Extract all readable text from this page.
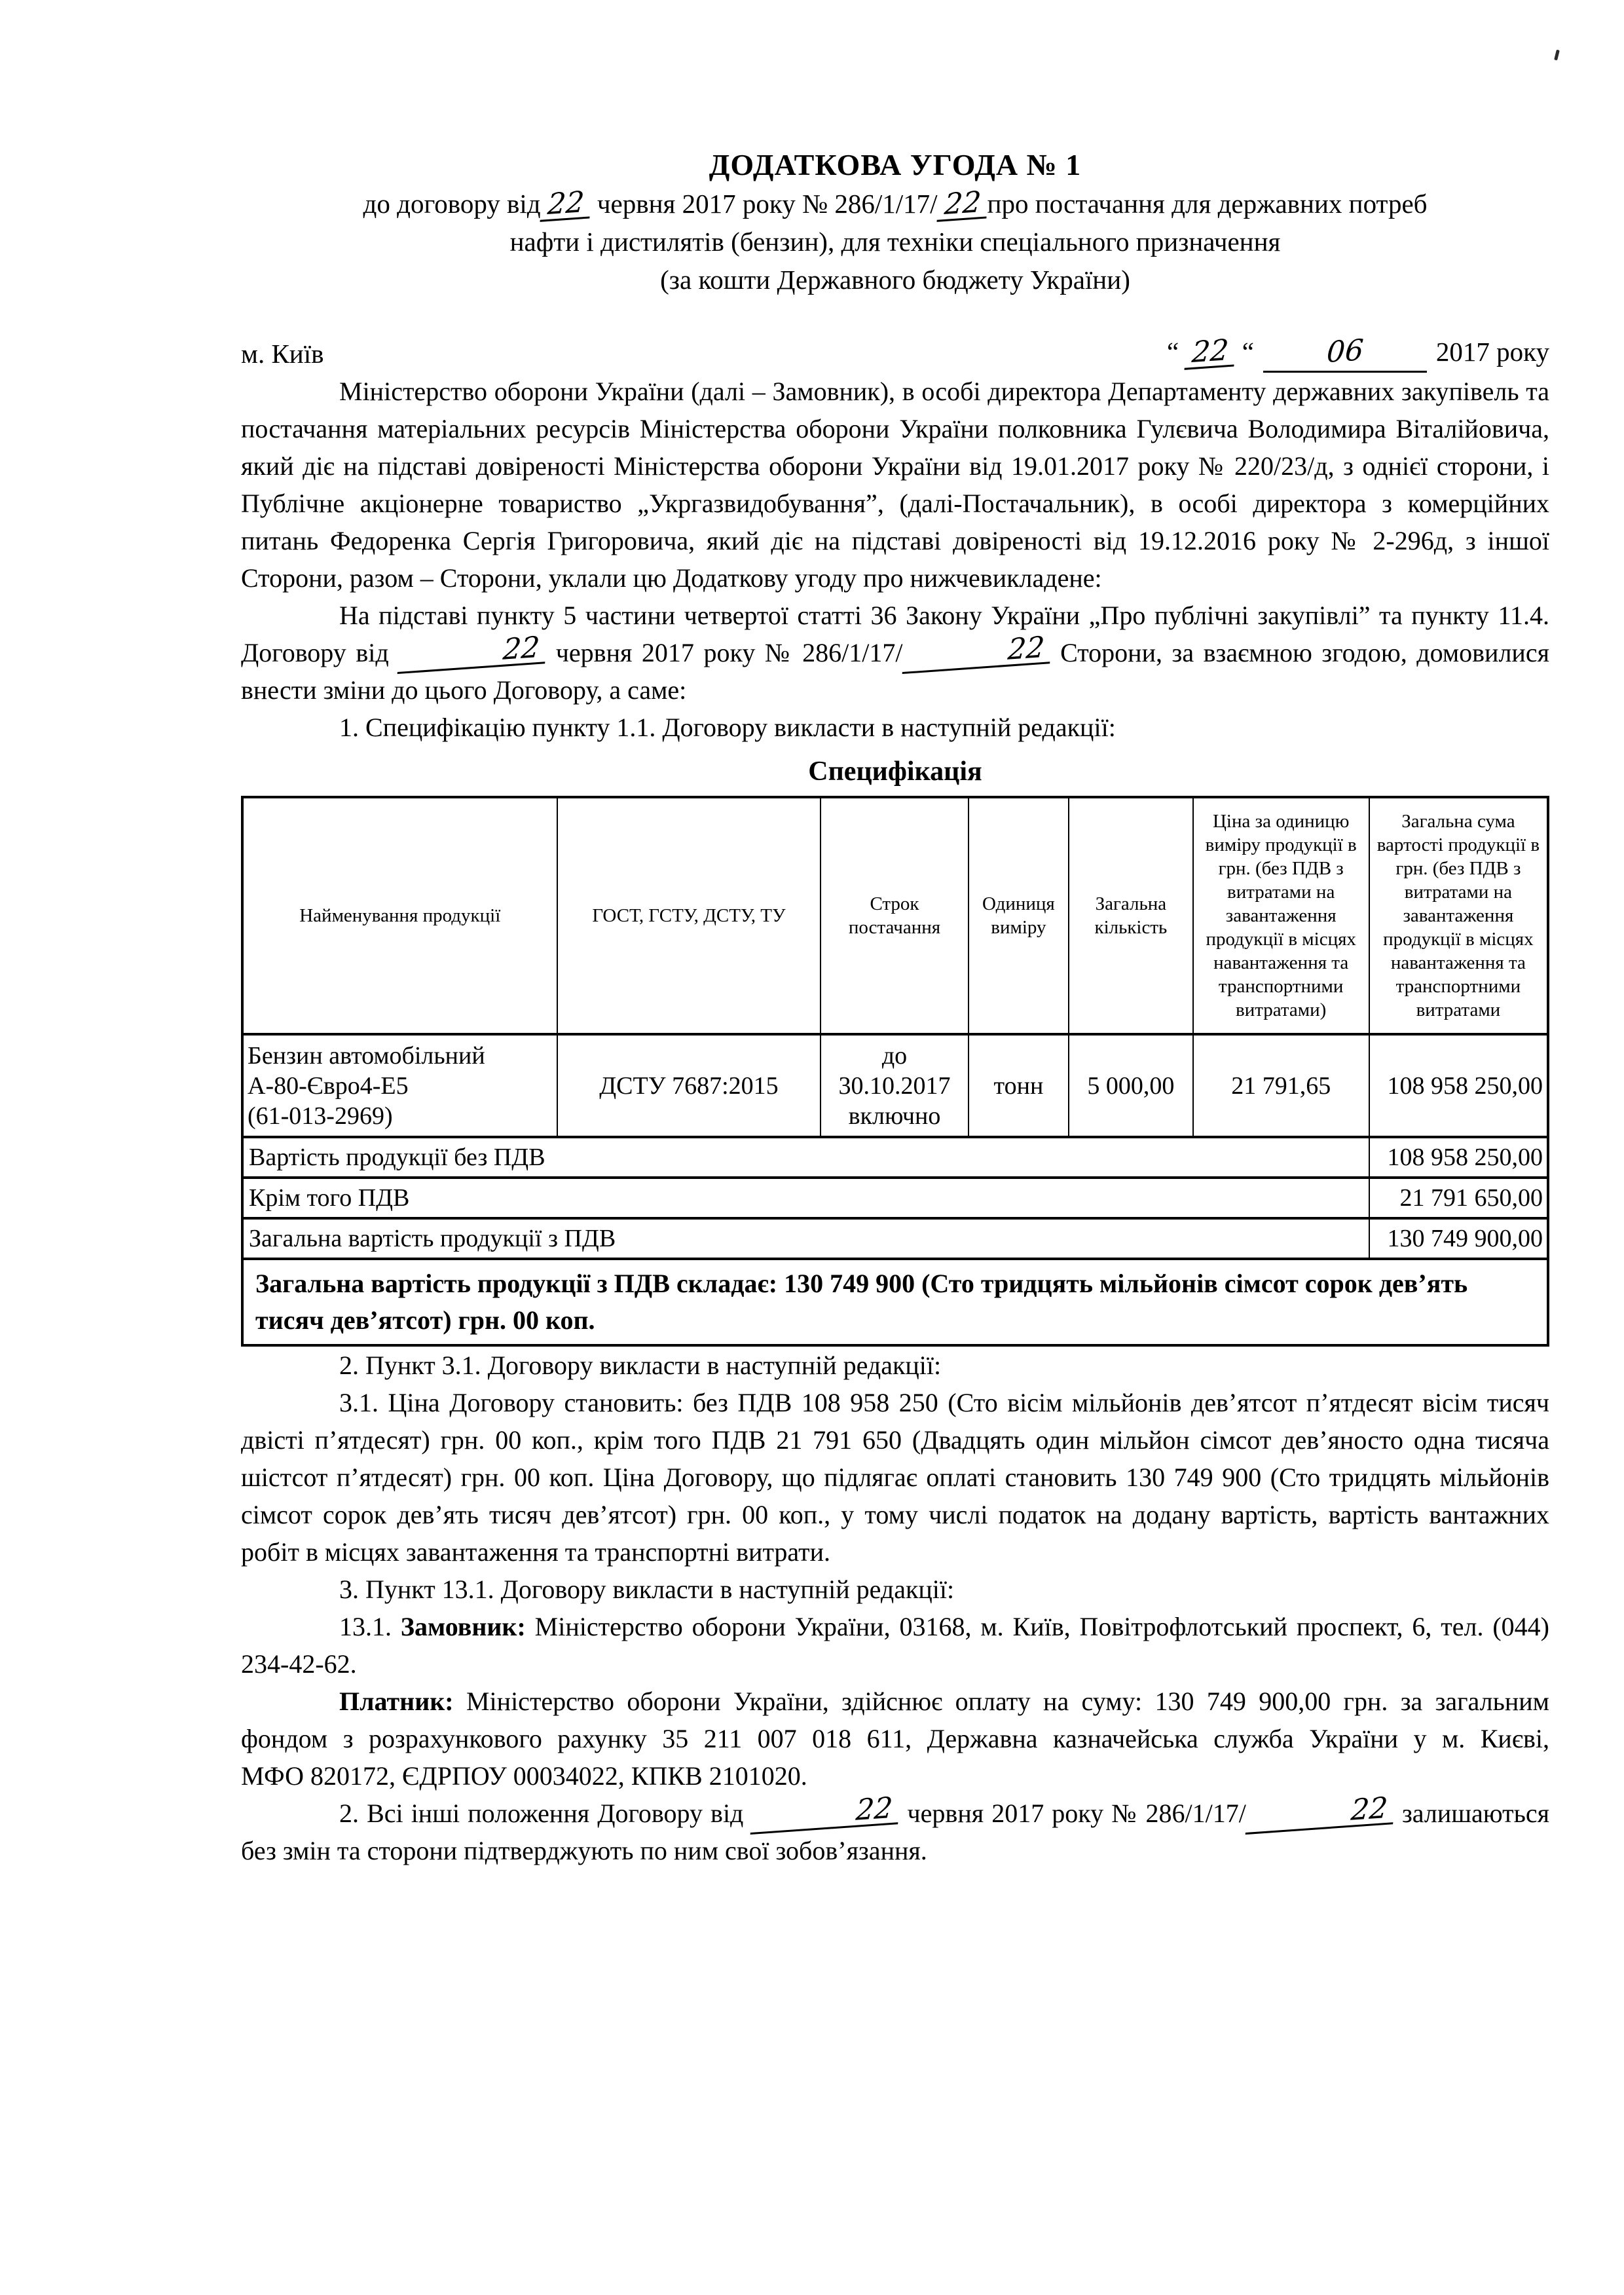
ДОДАТКОВА УГОДА № 1

до договору від 22 червня 2017 року № 286/1/17/ 22 про постачання для державних потреб

нафти і дистилятів (бензин), для техніки спеціального призначення

(за кошти Державного бюджету України)

м. Київ	“ 22 “ 06	2017 року

Міністерство оборони України (далі – Замовник), в особі директора Департаменту державних закупівель та постачання матеріальних ресурсів Міністерства оборони України полковника Гулєвича Володимира Віталійовича, який діє на підставі довіреності Міністерства оборони України від 19.01.2017 року № 220/23/д, з однієї сторони, і Публічне акціонерне товариство „Укргазвидобування”, (далі-Постачальник), в особі директора з комерційних питань Федоренка Сергія Григоровича, який діє на підставі довіреності від 19.12.2016 року № 2-296д, з іншої Сторони, разом – Сторони, уклали цю Додаткову угоду про нижчевикладене:

На підставі пункту 5 частини четвертої статті 36 Закону України „Про публічні закупівлі” та пункту 11.4. Договору від	22 червня 2017 року № 286/1/17/	22 Сторони, за взаємною згодою, домовилися внести зміни до цього Договору, а саме:

1. Специфікацію пункту 1.1. Договору викласти в наступній редакції:

Специфікація

Найменування продукції	ГОСТ, ГСТУ, ДСТУ, ТУ	Строк постачання	Одиниця виміру	Загальна кількість	Ціна за одиницю виміру продукції в грн. (без ПДВ з витратами на завантаження продукції в місцях навантаження та транспортними витратами)	Загальна сума вартості продукції в грн. (без ПДВ з витратами на завантаження продукції в місцях навантаження та транспортними витратами

Бензин автомобільний
А-80-Євро4-Е5
(61-013-2969)	ДСТУ 7687:2015	до
30.10.2017
включно	тонн	5 000,00	21 791,65	108 958 250,00
Вартість продукції без ПДВ						108 958 250,00
Крім того ПДВ						21 791 650,00
Загальна вартість продукції з ПДВ						130 749 900,00
Загальна вартість продукції з ПДВ складає: 130 749 900 (Сто тридцять мільйонів сімсот сорок дев’ять тисяч дев’ятсот) грн. 00 коп.						

2. Пункт 3.1. Договору викласти в наступній редакції:

3.1. Ціна Договору становить: без ПДВ 108 958 250 (Сто вісім мільйонів дев’ятсот п’ятдесят вісім тисяч двісті п’ятдесят) грн. 00 коп., крім того ПДВ 21 791 650 (Двадцять один мільйон сімсот дев’яносто одна тисяча шістсот п’ятдесят) грн. 00 коп. Ціна Договору, що підлягає оплаті становить 130 749 900 (Сто тридцять мільйонів сімсот сорок дев’ять тисяч дев’ятсот) грн. 00 коп., у тому числі податок на додану вартість, вартість вантажних робіт в місцях завантаження та транспортні витрати.

3. Пункт 13.1. Договору викласти в наступній редакції:

13.1. Замовник: Міністерство оборони України, 03168, м. Київ, Повітрофлотський проспект, 6, тел. (044) 234-42-62.

Платник: Міністерство оборони України, здійснює оплату на суму: 130 749 900,00 грн. за загальним фондом з розрахункового рахунку 35 211 007 018 611, Державна казначейська служба України у м. Києві, МФО 820172, ЄДРПОУ 00034022, КПКВ 2101020.

2. Всі інші положення Договору від	22 червня 2017 року № 286/1/17/	22 залишаються без змін та сторони підтверджують по ним свої зобов’язання.
